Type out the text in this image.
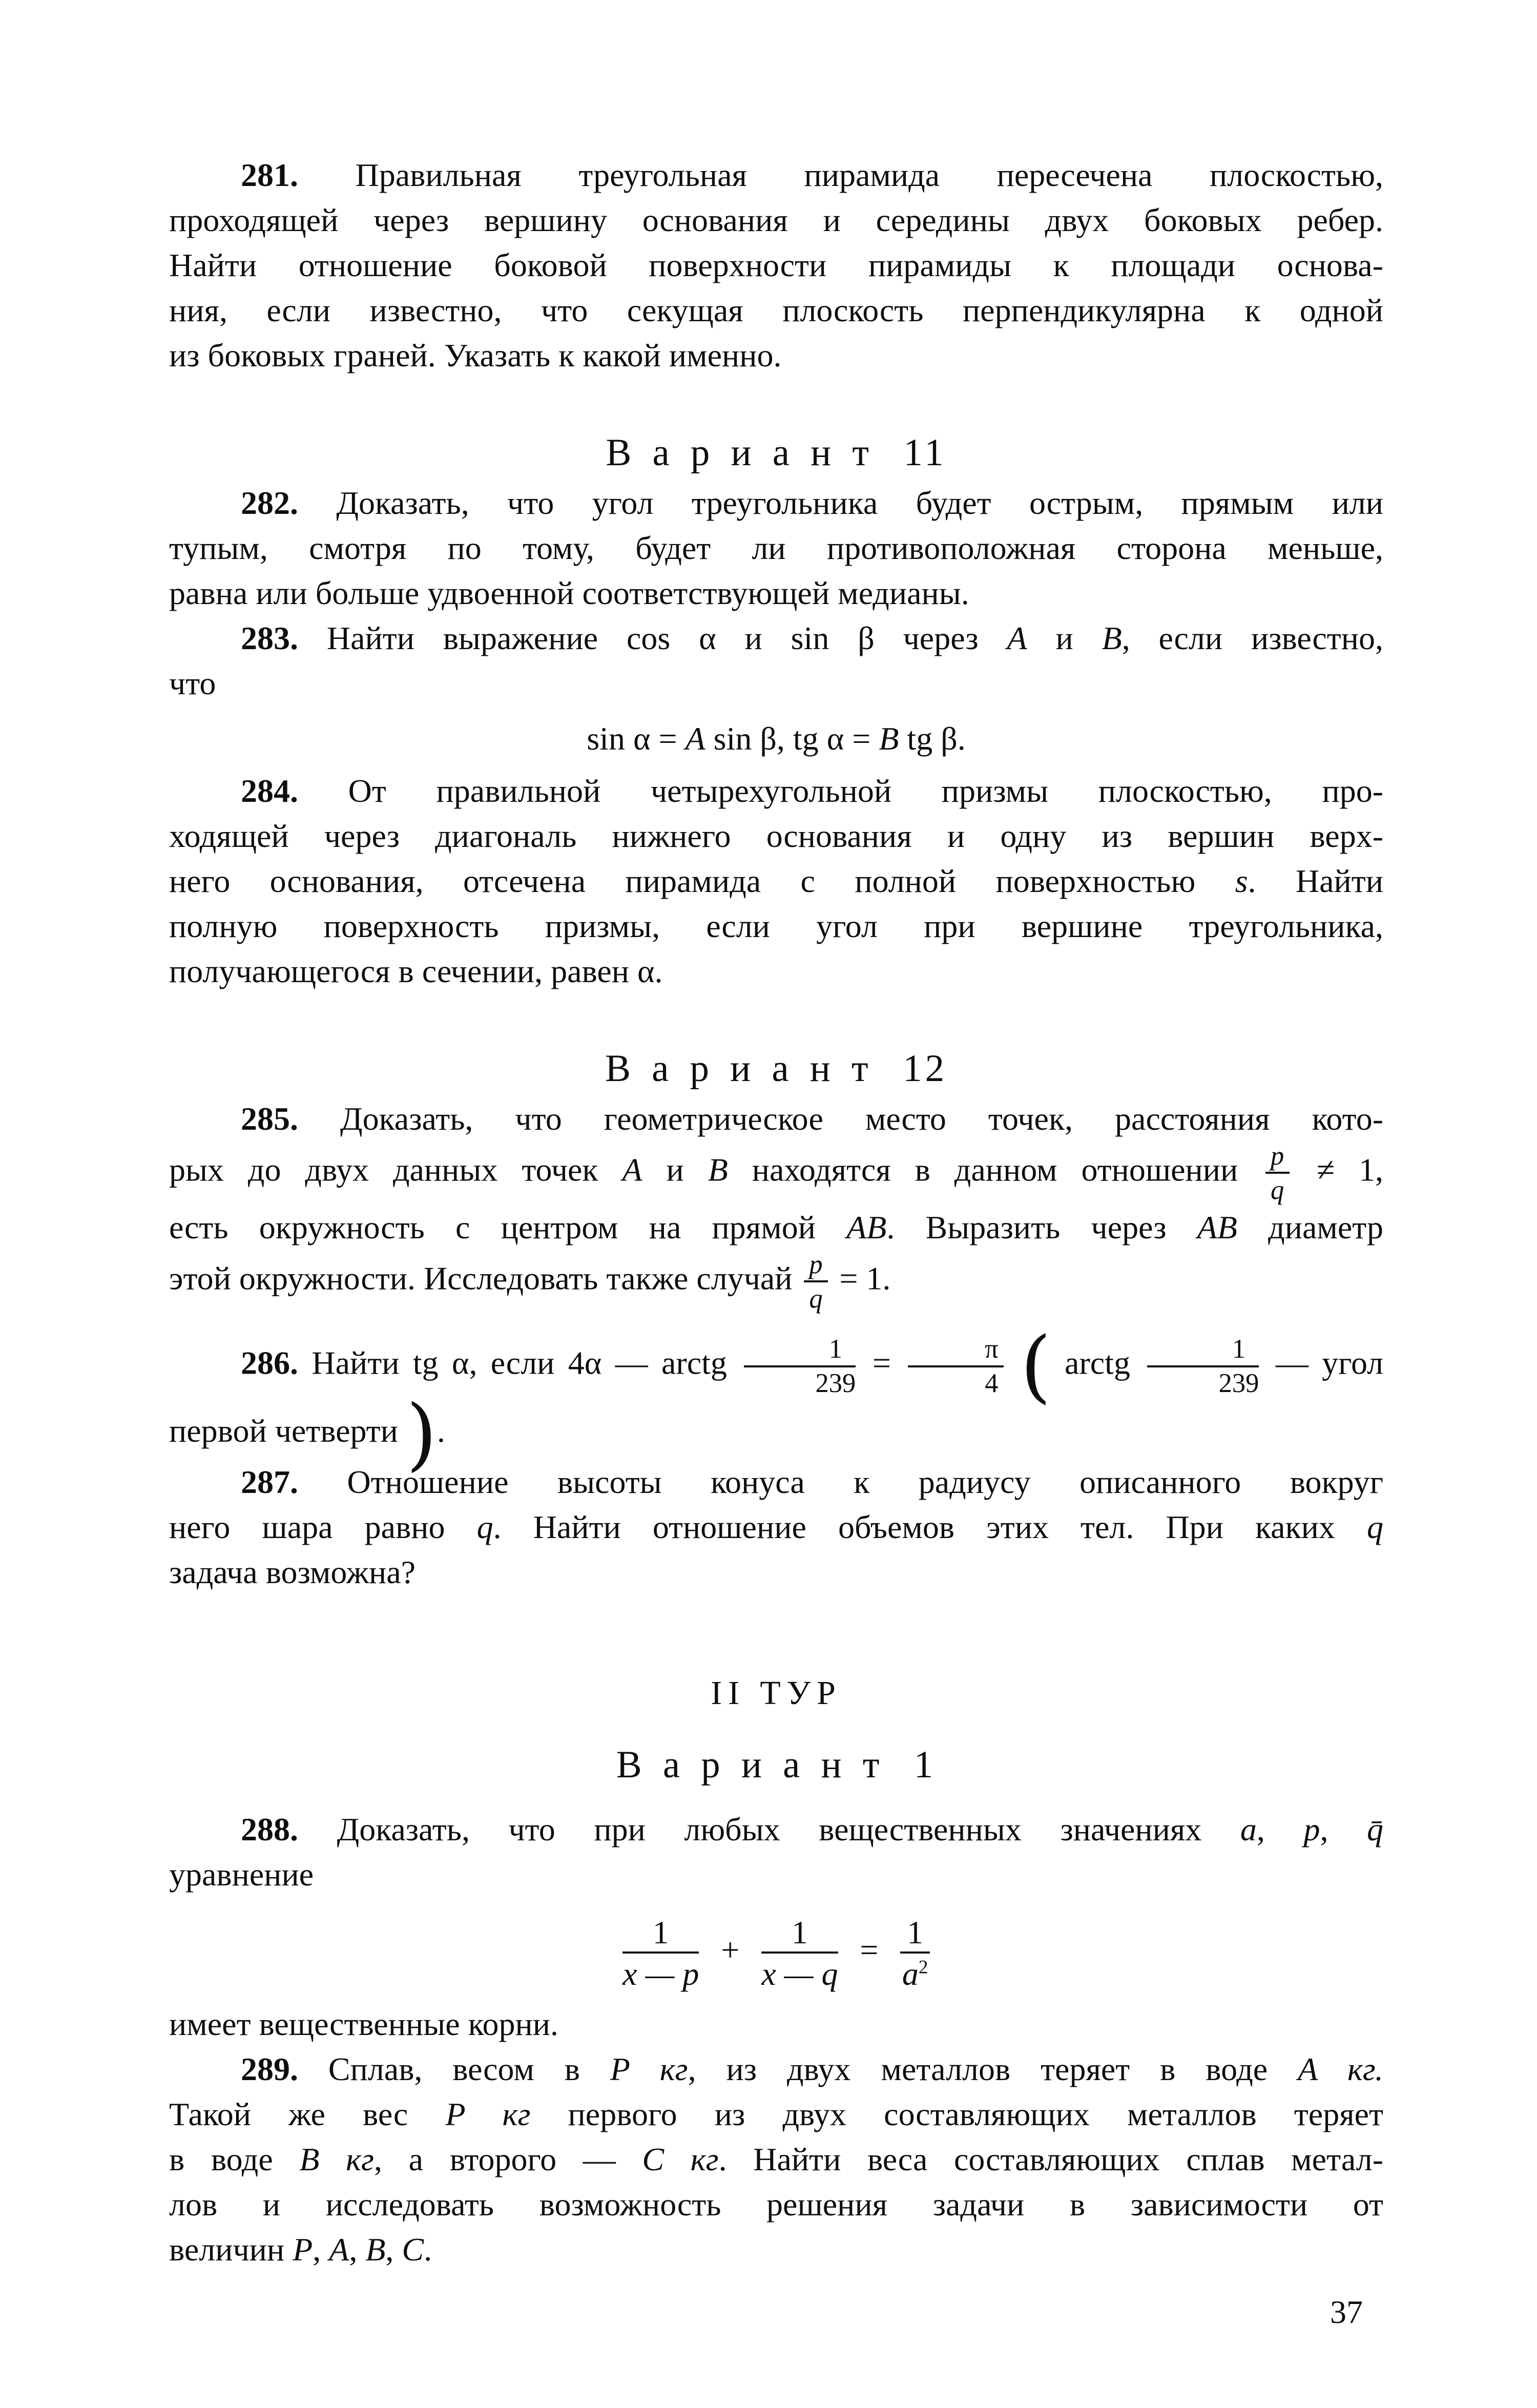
281. Правильная треугольная пирамида пересечена плоскостью,
проходящей через вершину основания и середины двух боковых ребер.
Найти отношение боковой поверхности пирамиды к площади основа-
ния, если известно, что секущая плоскость перпендикулярна к одной
из боковых граней. Указать к какой именно.

Вариант 11

282. Доказать, что угол треугольника будет острым, прямым или
тупым, смотря по тому, будет ли противоположная сторона меньше,
равна или больше удвоенной соответствующей медианы.

283. Найти выражение cos α и sin β через A и B, если известно,
что

sin α = A sin β, tg α = B tg β.

284. От правильной четырехугольной призмы плоскостью, про-
ходящей через диагональ нижнего основания и одну из вершин верх-
него основания, отсечена пирамида с полной поверхностью s. Найти
полную поверхность призмы, если угол при вершине треугольника,
получающегося в сечении, равен α.

Вариант 12

285. Доказать, что геометрическое место точек, расстояния кото-
рых до двух данных точек A и B находятся в данном отношении $\frac{p}{q} \ne 1$,
есть окружность с центром на прямой AB. Выразить через AB диаметр
этой окружности. Исследовать также случай $\frac{p}{q} = 1$.

286. Найти tg α, если 4α — arctg $\frac{1}{239} = \frac{\pi}{4}$ ( arctg $\frac{1}{239}$ — угол
первой четверти ).

287. Отношение высоты конуса к радиусу описанного вокруг
него шара равно q. Найти отношение объемов этих тел. При каких q
задача возможна?

II ТУР
Вариант 1

288. Доказать, что при любых вещественных значениях a, p, q̄
уравнение

$\frac{1}{x — p} + \frac{1}{x — q} = \frac{1}{a^2}$

имеет вещественные корни.

289. Сплав, весом в P кг, из двух металлов теряет в воде A кг.
Такой же вес P кг первого из двух составляющих металлов теряет
в воде B кг, а второго — C кг. Найти веса составляющих сплав метал-
лов и исследовать возможность решения задачи в зависимости от
величин P, A, B, C.

37
